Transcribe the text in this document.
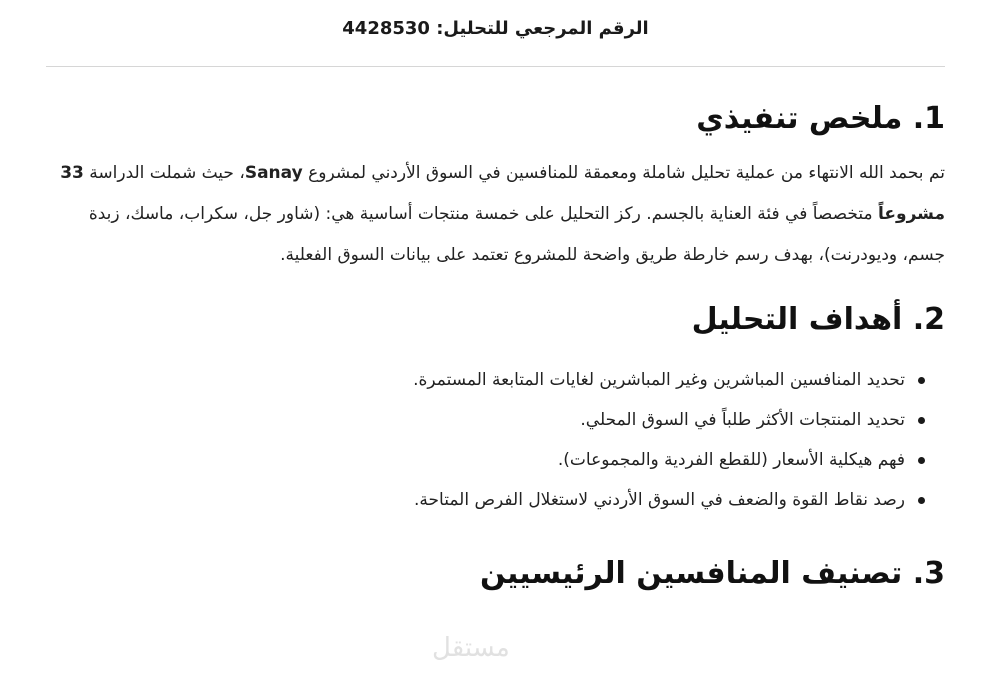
الرقم المرجعي للتحليل: 4428530

1. ملخص تنفيذي

تم بحمد الله الانتهاء من عملية تحليل شاملة ومعمقة للمنافسين في السوق الأردني لمشروع Sanay، حيث شملت الدراسة 33 مشروعاً متخصصاً في فئة العناية بالجسم. ركز التحليل على خمسة منتجات أساسية هي: (شاور جل، سكراب، ماسك، زبدة جسم، وديودرنت)، بهدف رسم خارطة طريق واضحة للمشروع تعتمد على بيانات السوق الفعلية.

2. أهداف التحليل
تحديد المنافسين المباشرين وغير المباشرين لغايات المتابعة المستمرة.
تحديد المنتجات الأكثر طلباً في السوق المحلي.
فهم هيكلية الأسعار (للقطع الفردية والمجموعات).
رصد نقاط القوة والضعف في السوق الأردني لاستغلال الفرص المتاحة.
3. تصنيف المنافسين الرئيسيين
مستقل
